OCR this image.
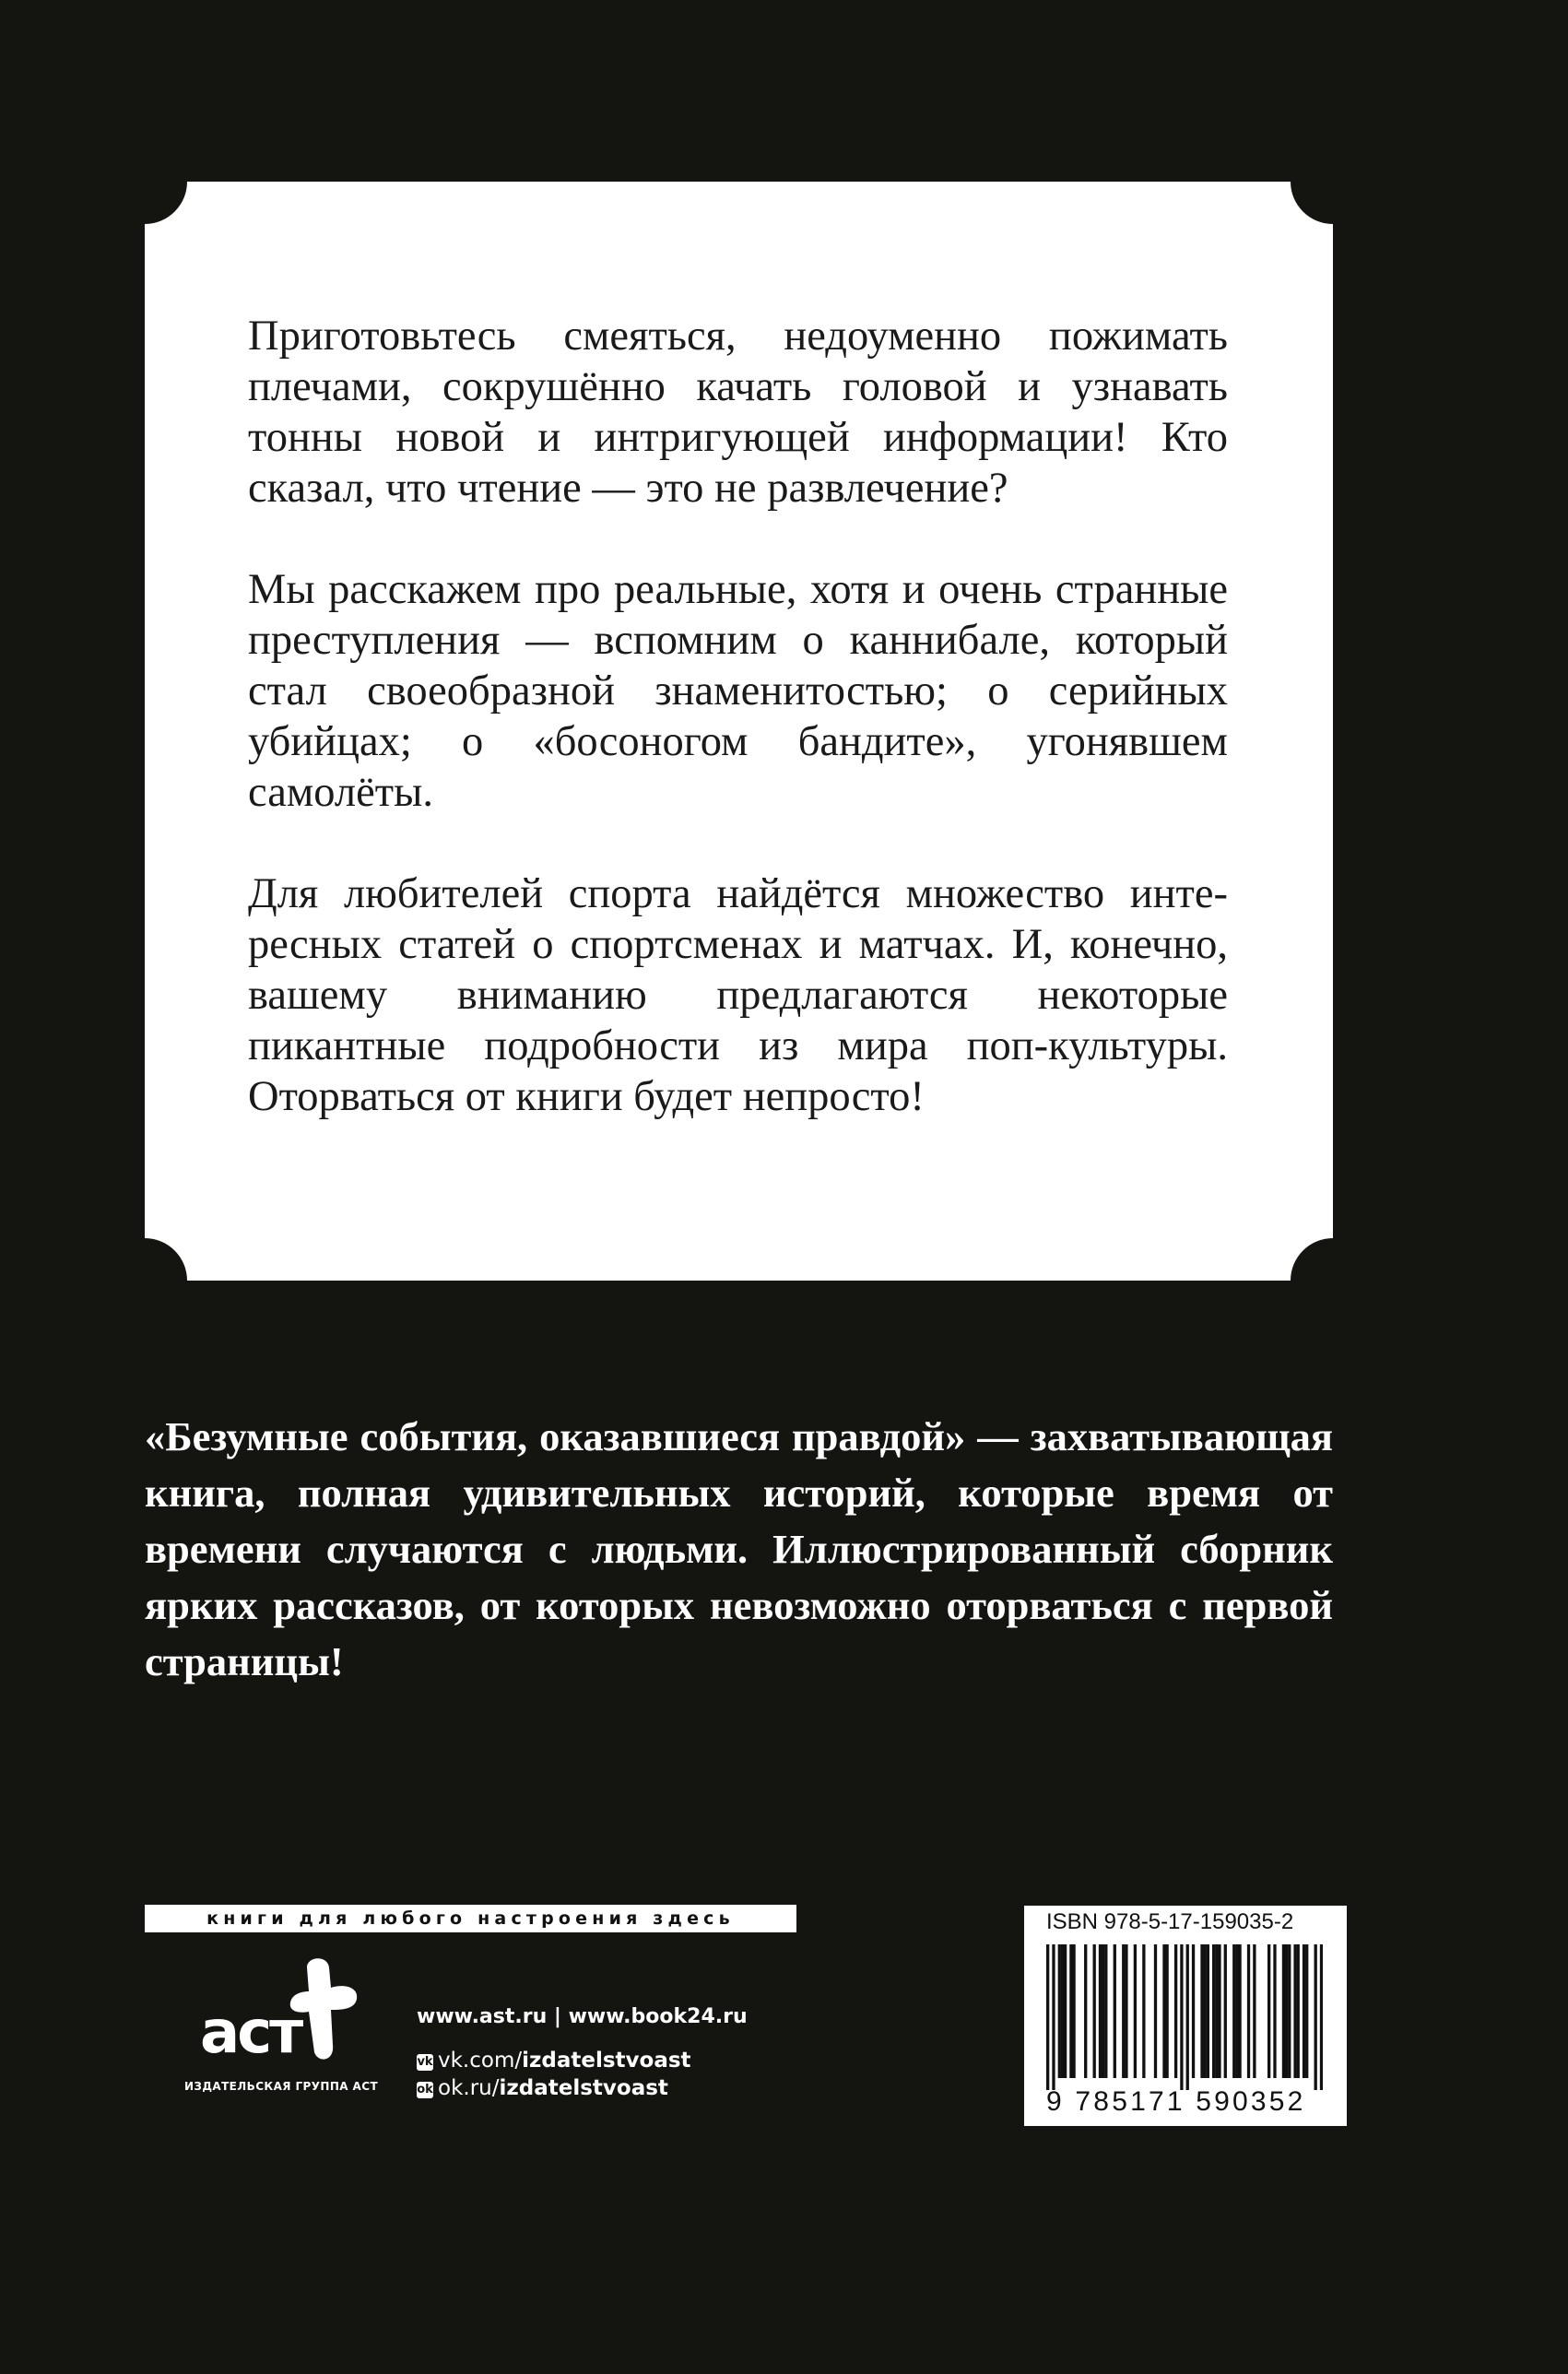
Приготовьтесь смеяться, недоуменно пожимать плечами, сокрушённо качать головой и узнавать тонны новой и интригующей информации! Кто сказал, что чтение — это не развлечение?

Мы расскажем про реальные, хотя и очень странные преступления — вспомним о каннибале, который стал своеобразной знаменитостью; о серийных убийцах; о «босоногом бандите», угонявшем самолёты.

Для любителей спорта найдётся множество интересных статей о спортсменах и матчах. И, конечно, вашему вниманию предлагаются некоторые пикантные подробности из мира поп-культуры. Оторваться от книги будет непросто!

«Безумные события, оказавшиеся правдой» — захватывающая книга, полная удивительных историй, которые время от времени случаются с людьми. Иллюстрированный сборник ярких рассказов, от которых невозможно оторваться с первой страницы!

книги для любого настроения здесь
аст
ИЗДАТЕЛЬСКАЯ ГРУППА АСТ
www.ast.ru | www.book24.ru
vk vk.com/izdatelstvoast
ok ok.ru/izdatelstvoast
ISBN 978-5-17-159035-2
9 785171 590352
